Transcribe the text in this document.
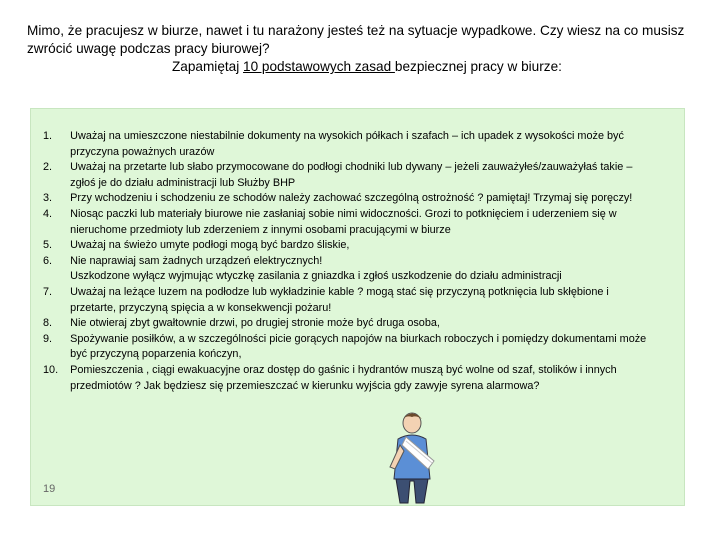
Mimo, że pracujesz w biurze, nawet i tu narażony jesteś też na sytuacje wypadkowe. Czy wiesz na co musisz zwrócić uwagę podczas pracy biurowej?
Zapamiętaj 10 podstawowych zasad bezpiecznej pracy w biurze:
1.	Uważaj na umieszczone niestabilnie dokumenty na wysokich półkach i szafach – ich upadek z wysokości może być przyczyna poważnych urazów
2.	Uważaj na przetarte lub słabo przymocowane do podłogi chodniki lub dywany – jeżeli zauważyłeś/zauważyłaś takie – zgłoś je do działu administracji lub Służby BHP
3.	Przy wchodzeniu i schodzeniu ze schodów należy zachować szczególną ostrożność ? pamiętaj! Trzymaj się poręczy!
4.	Niosąc paczki lub materiały biurowe nie zasłaniaj sobie nimi widoczności. Grozi to potknięciem i uderzeniem się w nieruchome przedmioty lub zderzeniem z innymi osobami pracującymi w biurze
5.	Uważaj na świeżo umyte podłogi mogą być bardzo śliskie,
6.	Nie naprawiaj sam żadnych urządzeń elektrycznych!
Uszkodzone wyłącz wyjmując wtyczkę zasilania z gniazdka i zgłoś uszkodzenie do działu administracji
7.	Uważaj na leżące luzem na podłodze lub wykładzinie kable ? mogą stać się przyczyną potknięcia lub skłębione i przetarte, przyczyną spięcia a w konsekwencji pożaru!
8.	Nie otwieraj zbyt gwałtownie drzwi, po drugiej stronie może być druga osoba,
9.	Spożywanie posiłków, a w szczególności picie gorących napojów na biurkach roboczych i pomiędzy dokumentami może być przyczyną poparzenia kończyn,
10.	Pomieszczenia , ciągi ewakuacyjne oraz dostęp do gaśnic i hydrantów muszą być wolne od szaf, stolików i innych przedmiotów ? Jak będziesz się przemieszczać w kierunku wyjścia gdy zawyje syrena alarmowa?
19
